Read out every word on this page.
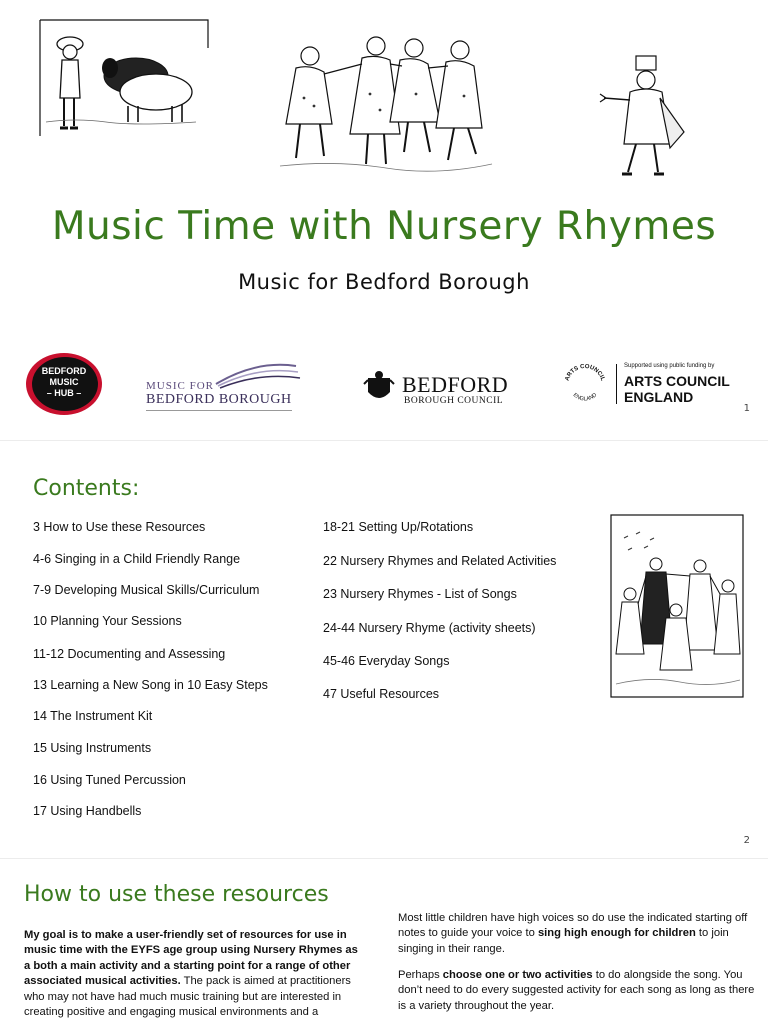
Music Time with Nursery Rhymes
Music for Bedford Borough
BEDFORD
MUSIC
– HUB –
MUSIC FOR
BEDFORD BOROUGH
BEDFORD
BOROUGH COUNCIL
ARTS COUNCIL
ENGLAND
Supported using public funding by
ARTS COUNCIL
ENGLAND
1
Contents:
3 How to Use these Resources
4-6 Singing in a Child Friendly Range
7-9 Developing Musical Skills/Curriculum
10 Planning Your Sessions
11-12 Documenting and Assessing
13 Learning a New Song in 10 Easy Steps
14 The Instrument Kit
15 Using Instruments
16 Using Tuned Percussion
17 Using Handbells
18-21 Setting Up/Rotations
22 Nursery Rhymes and Related Activities
23 Nursery Rhymes - List of Songs
24-44 Nursery Rhyme (activity sheets)
45-46 Everyday Songs
47 Useful Resources
2
How to use these resources
My goal is to make a user-friendly set of resources for use in music time with the EYFS age group using Nursery Rhymes as a both a main activity and a starting point for a range of other associated musical activities. The pack is aimed at practitioners who may not have had much music training but are interested in creating positive and engaging musical environments and a
Most little children have high voices so do use the indicated starting off notes to guide your voice to sing high enough for children to join singing in their range.
Perhaps choose one or two activities to do alongside the song. You don’t need to do every suggested activity for each song as long as there is a variety throughout the year.
